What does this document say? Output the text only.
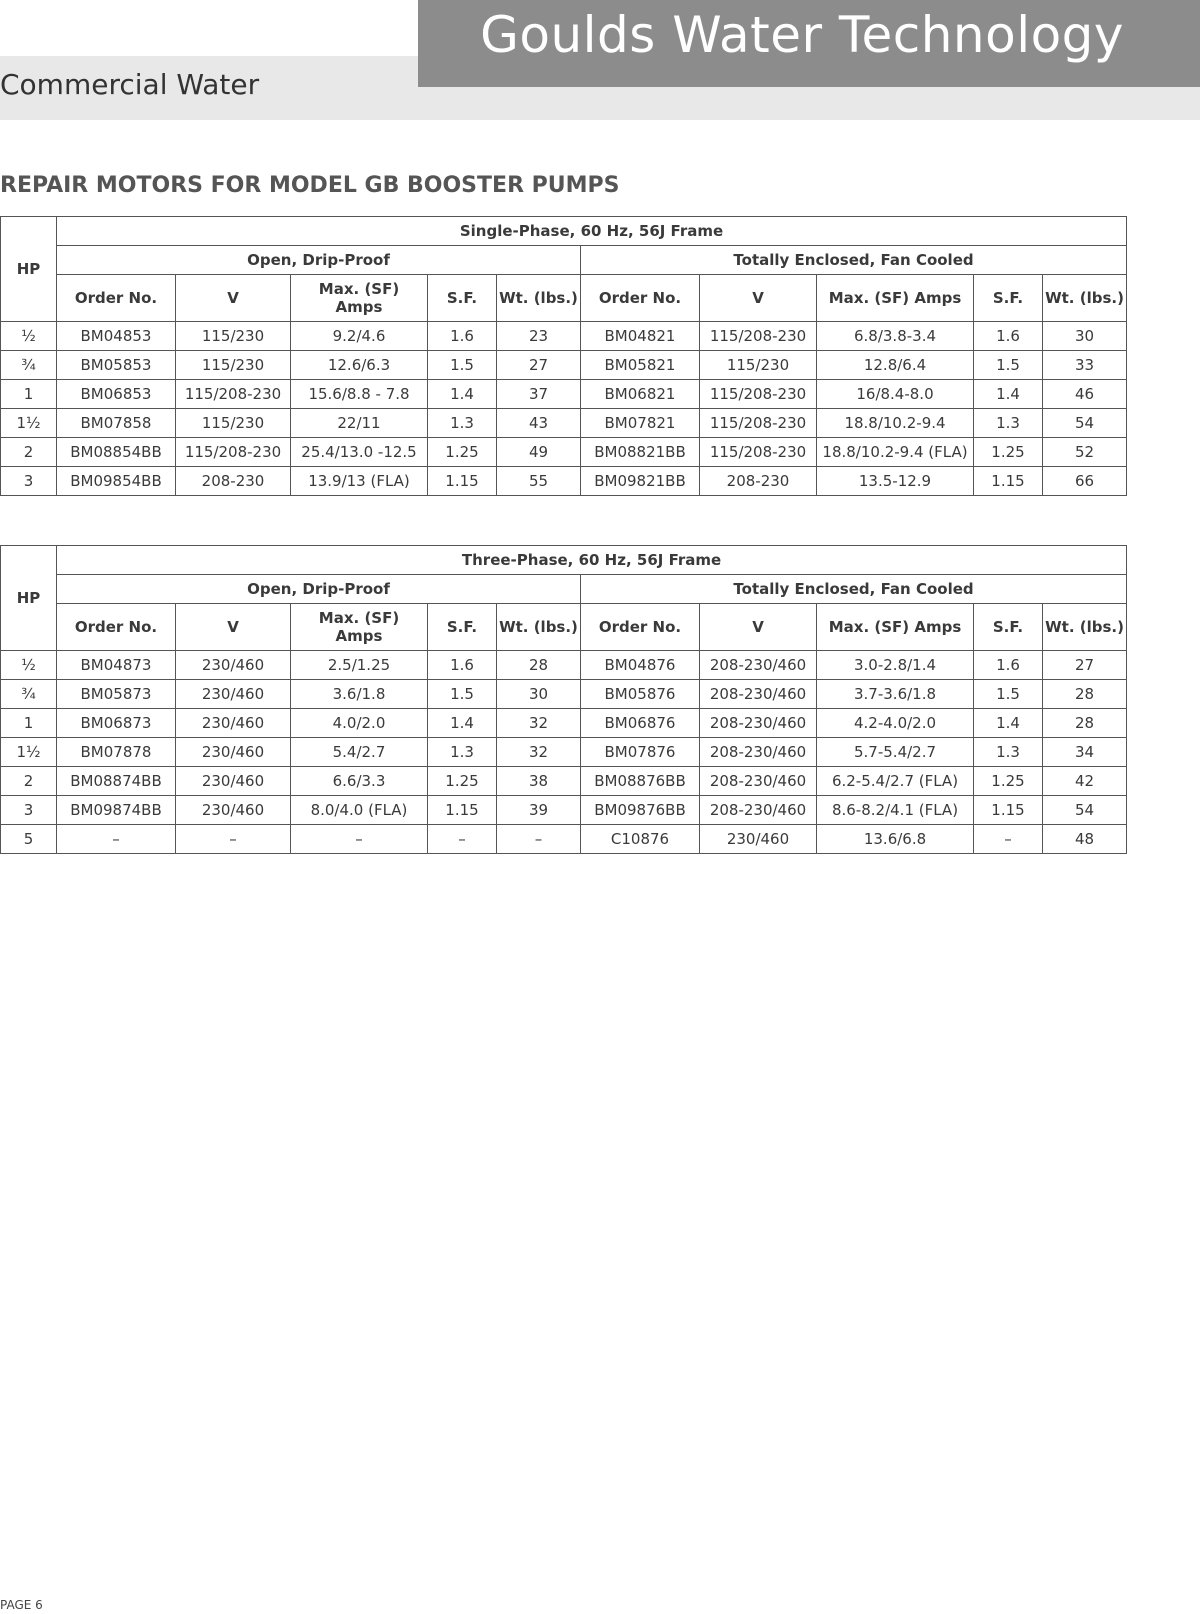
Goulds Water Technology
Commercial Water
REPAIR MOTORS FOR MODEL GB BOOSTER PUMPS
HP	Single-Phase, 60 Hz, 56J Frame									
	Open, Drip-Proof					Totally Enclosed, Fan Cooled				
	Order No.	V	Max. (SF) Amps	S.F.	Wt. (lbs.)	Order No.	V	Max. (SF) Amps	S.F.	Wt. (lbs.)
½	BM04853	115/230	9.2/4.6	1.6	23	BM04821	115/208-230	6.8/3.8-3.4	1.6	30
¾	BM05853	115/230	12.6/6.3	1.5	27	BM05821	115/230	12.8/6.4	1.5	33
1	BM06853	115/208-230	15.6/8.8 - 7.8	1.4	37	BM06821	115/208-230	16/8.4-8.0	1.4	46
1½	BM07858	115/230	22/11	1.3	43	BM07821	115/208-230	18.8/10.2-9.4	1.3	54
2	BM08854BB	115/208-230	25.4/13.0 -12.5	1.25	49	BM08821BB	115/208-230	18.8/10.2-9.4 (FLA)	1.25	52
3	BM09854BB	208-230	13.9/13 (FLA)	1.15	55	BM09821BB	208-230	13.5-12.9	1.15	66
HP	Three-Phase, 60 Hz, 56J Frame									
	Open, Drip-Proof					Totally Enclosed, Fan Cooled				
	Order No.	V	Max. (SF) Amps	S.F.	Wt. (lbs.)	Order No.	V	Max. (SF) Amps	S.F.	Wt. (lbs.)
½	BM04873	230/460	2.5/1.25	1.6	28	BM04876	208-230/460	3.0-2.8/1.4	1.6	27
¾	BM05873	230/460	3.6/1.8	1.5	30	BM05876	208-230/460	3.7-3.6/1.8	1.5	28
1	BM06873	230/460	4.0/2.0	1.4	32	BM06876	208-230/460	4.2-4.0/2.0	1.4	28
1½	BM07878	230/460	5.4/2.7	1.3	32	BM07876	208-230/460	5.7-5.4/2.7	1.3	34
2	BM08874BB	230/460	6.6/3.3	1.25	38	BM08876BB	208-230/460	6.2-5.4/2.7 (FLA)	1.25	42
3	BM09874BB	230/460	8.0/4.0 (FLA)	1.15	39	BM09876BB	208-230/460	8.6-8.2/4.1 (FLA)	1.15	54
5	–	–	–	–	–	C10876	230/460	13.6/6.8	–	48
PAGE 6
